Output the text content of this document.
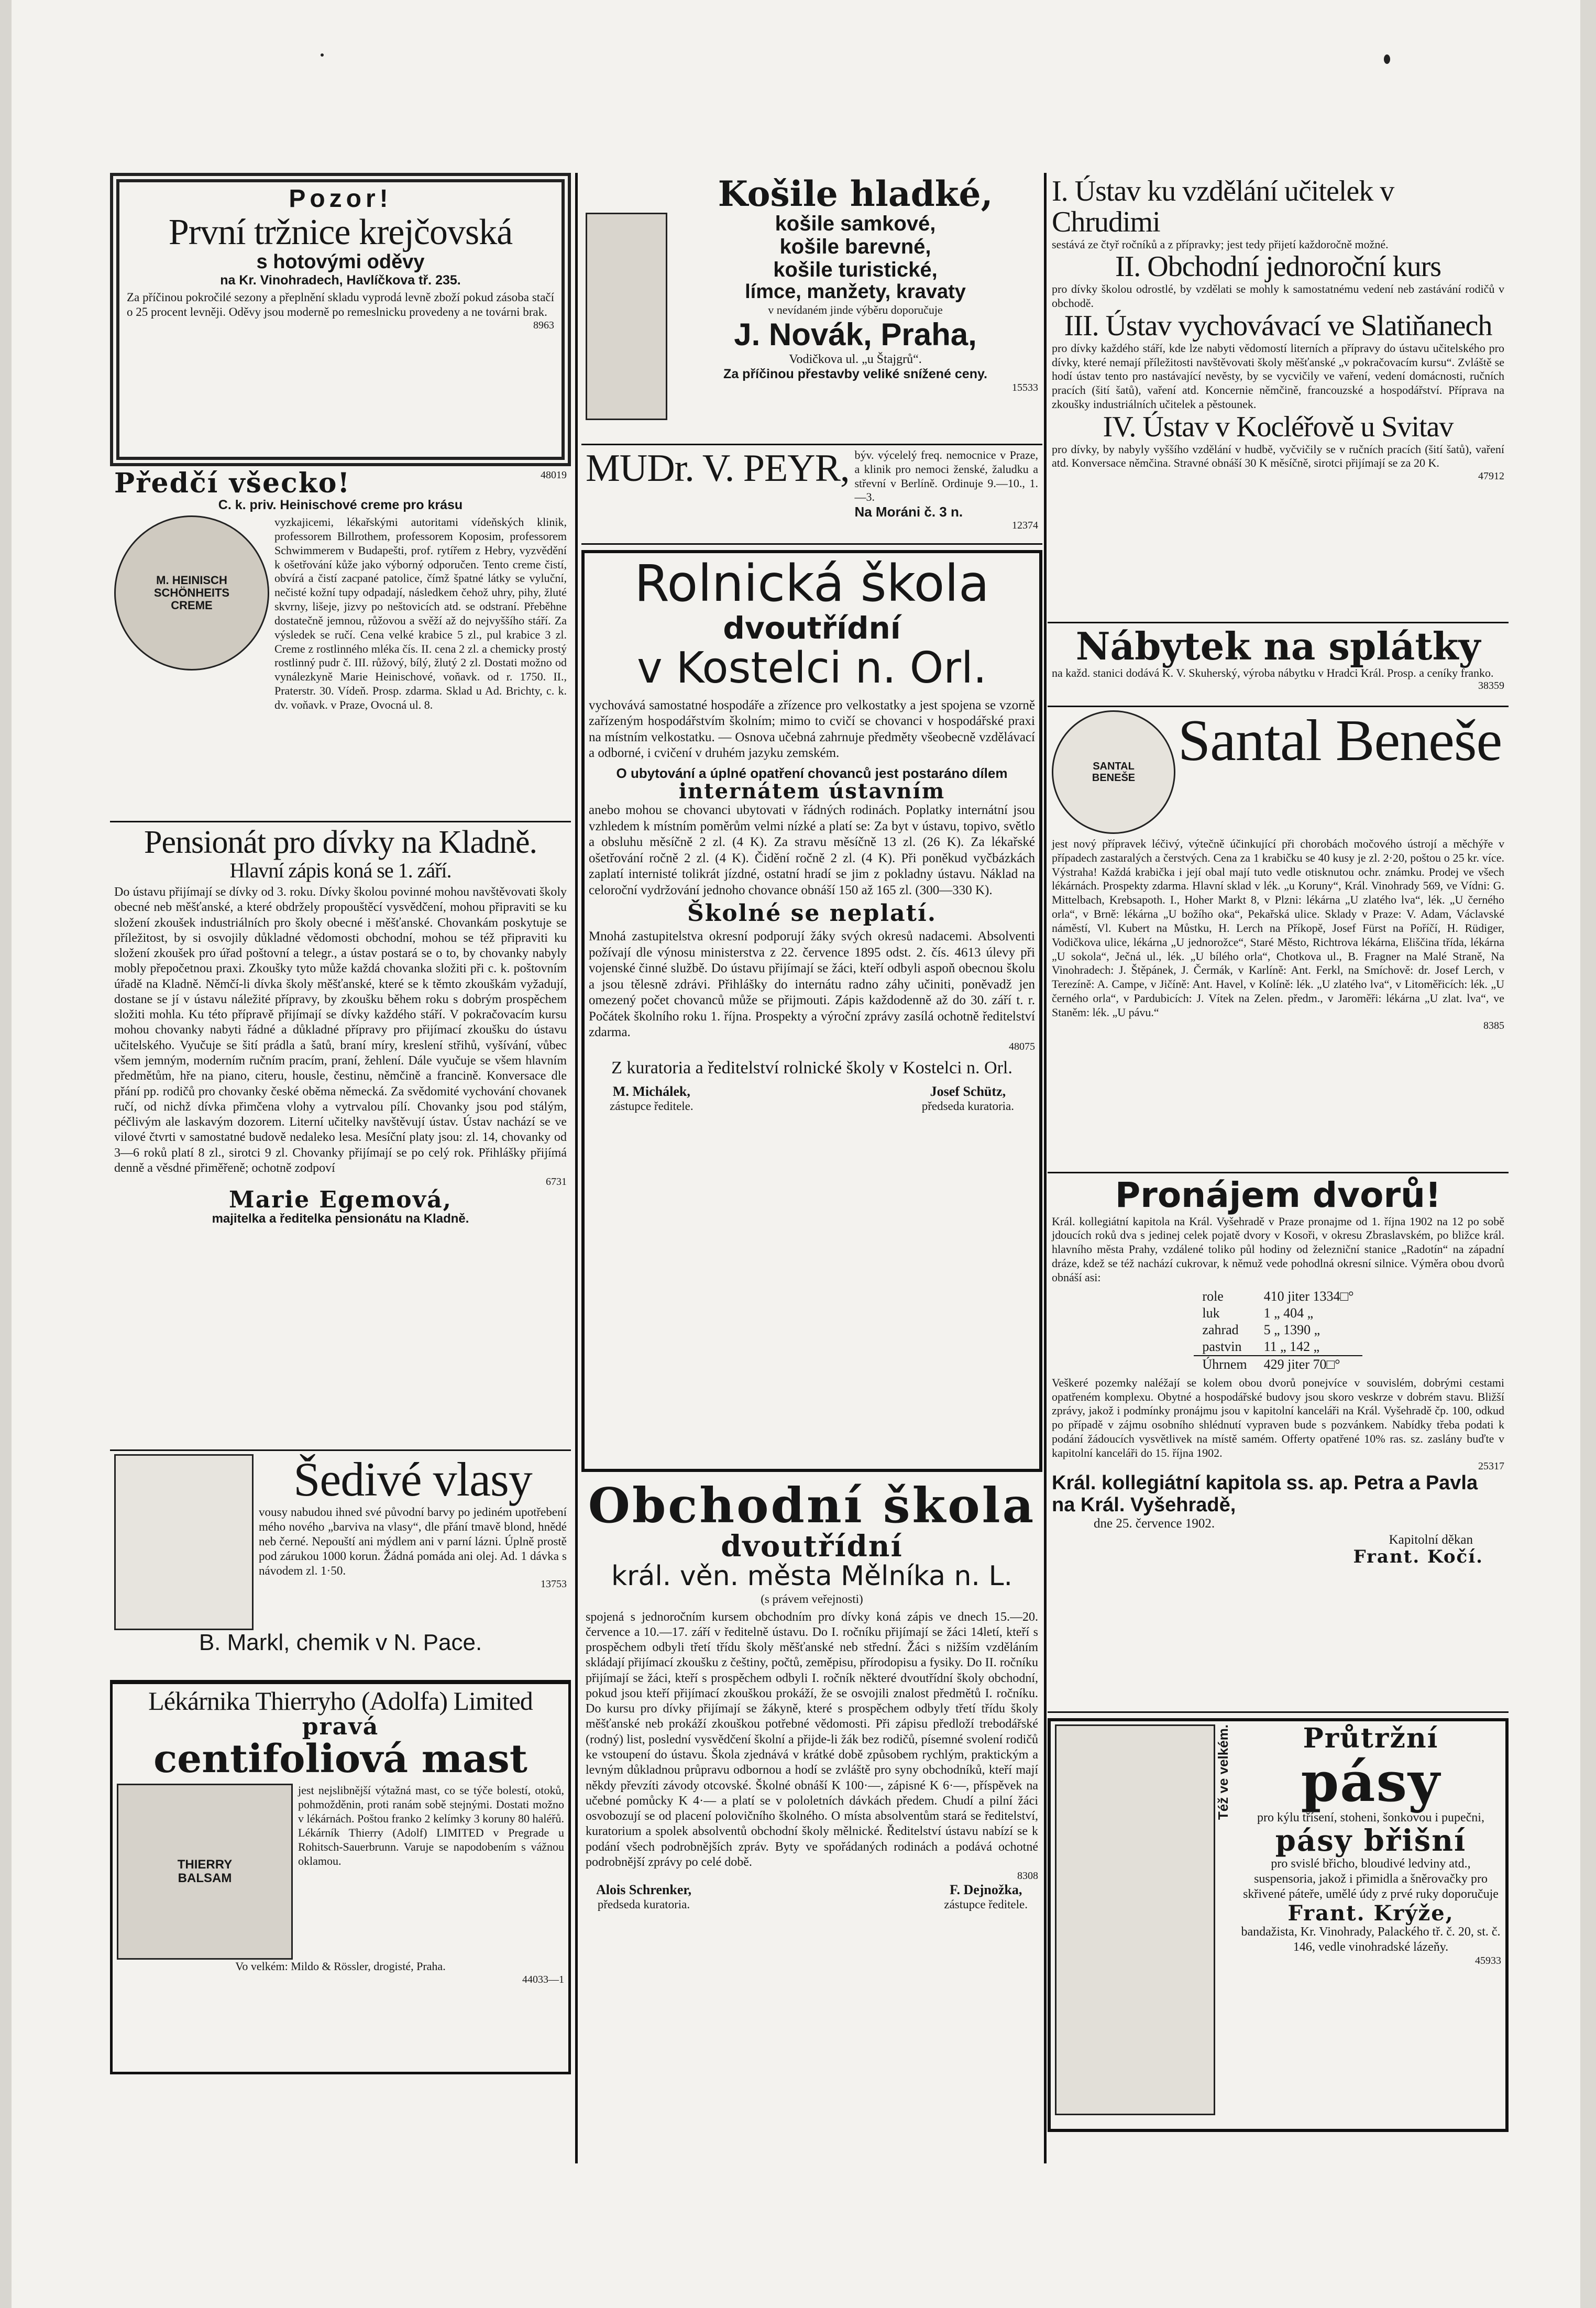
Pozor!
První tržnice krejčovská
s hotovými oděvy
na Kr. Vinohradech, Havlíčkova tř. 235.
Za příčinou pokročilé sezony a přeplnění skladu vyprodá levně zboží pokud zásoba stačí o 25 procent levněji. Oděvy jsou moderně po remeslnicku provedeny a ne továrni brak.
8963
Předčí všecko!	48019
C. k. priv. Heinischové creme pro krásu
M. HEINISCH SCHÖNHEITS CREME
vyzkajicemi, lékařskými autoritami vídeňských klinik, professorem Billrothem, professorem Koposim, professorem Schwimmerem v Budapešti, prof. rytířem z Hebry, vyzvědění k ošetřování kůže jako výborný odporučen. Tento creme čistí, obvírá a čistí zacpané patolice, čímž špatné látky se vyluční, nečisté kožní tupy odpadají, následkem čehož uhry, pihy, žluté skvrny, lišeje, jizvy po neštovicích atd. se odstraní. Přeběhne dostatečně jemnou, růžovou a svěží až do nejvyššího stáří. Za výsledek se ručí. Cena velké krabice 5 zl., pul krabice 3 zl. Creme z rostlinného mléka čís. II. cena 2 zl. a chemicky prostý rostlinný pudr č. III. růžový, bílý, žlutý 2 zl. Dostati možno od vynálezkyně Marie Heinischové, voňavk. od r. 1750. II., Praterstr. 30. Vídeň. Prosp. zdarma. Sklad u Ad. Brichty, c. k. dv. voňavk. v Praze, Ovocná ul. 8.
Pensionát pro dívky na Kladně.
Hlavní zápis koná se 1. září.
Do ústavu přijímají se dívky od 3. roku. Dívky školou povinné mohou navštěvovati školy obecné neb měšťanské, a které obdržely propouštěcí vysvědčení, mohou připraviti se ku složení zkoušek industriálních pro školy obecné i měšťanské. Chovankám poskytuje se příležitost, by si osvojily důkladné vědomosti obchodní, mohou se též připraviti ku složení zkoušek pro úřad poštovní a telegr., a ústav postará se o to, by chovanky nabyly mobly přepočetnou praxi. Zkoušky tyto může každá chovanka složiti při c. k. poštovním úřadě na Kladně. Němčí-li dívka školy měšťanské, které se k těmto zkouškám vyžadují, dostane se jí v ústavu náležité přípravy, by zkoušku během roku s dobrým prospěchem složiti mohla. Ku této přípravě přijímají se dívky každého stáří. V pokračovacím kursu mohou chovanky nabyti řádné a důkladné přípravy pro přijímací zkoušku do ústavu učitelského. Vyučuje se šití prádla a šatů, braní míry, kreslení střihů, vyšívání, vůbec všem jemným, moderním ručním pracím, praní, žehlení. Dále vyučuje se všem hlavním předmětům, hře na piano, citeru, housle, čestinu, němčině a francině. Konversace dle přání pp. rodičů pro chovanky české oběma německá. Za svědomité vychování chovanek ručí, od nichž dívka přimčena vlohy a vytrvalou pílí. Chovanky jsou pod stálým, péčlivým ale laskavým dozorem. Literní učitelky navštěvují ústav. Ústav nachází se ve vilové čtvrti v samostatné budově nedaleko lesa. Mesíční platy jsou: zl. 14, chovanky od 3—6 roků platí 8 zl., sirotci 9 zl. Chovanky přijímají se po celý rok. Přihlášky přijímá denně a věsdné přiměřeně; ochotně zodpoví
6731
Marie Egemová,
majitelka a ředitelka pensionátu na Kladně.
Šedivé vlasy
vousy nabudou ihned své původní barvy po jediném upotřebení mého nového „barviva na vlasy“, dle přání tmavě blond, hnědé neb černé. Nepouští ani mýdlem ani v parní lázni. Úplně prostě pod zárukou 1000 korun. Žádná pomáda ani olej. Ad. 1 dávka s návodem zl. 1·50.
13753
B. Markl, chemik v N. Pace.
Lékárnika Thierryho (Adolfa) Limited
pravá
centifoliová mast
THIERRY BALSAM
jest nejslibnější výtažná mast, co se týče bolestí, otoků, pohmožděnin, proti ranám sobě stejnými. Dostati možno v lékárnách. Poštou franko 2 kelímky 3 koruny 80 haléřů. Lékárník Thierry (Adolf) LIMITED v Pregrade u Rohitsch-Sauerbrunn. Varuje se napodobením s vážnou oklamou.
Vo velkém: Mildo & Rössler, drogisté, Praha.
44033—1
Košile hladké,
košile samkové,
košile barevné,
košile turistické,
límce, manžety, kravaty
v nevídaném jinde výběru doporučuje
J. Novák, Praha,
Vodičkova ul. „u Štajgrů“.
Za příčinou přestavby veliké snížené ceny.
15533
MUDr. V. PEYR, býv. výcelelý freq. nemocnice v Praze, a klinik pro nemoci ženské, žaludku a střevní v Berlíně. Ordinuje 9.—10., 1.—3.
Na Moráni č. 3 n.
12374
Rolnická škola
dvoutřídní
v Kostelci n. Orl.
vychovává samostatné hospodáře a zřízence pro velkostatky a jest spojena se vzorně zařízeným hospodářstvím školním; mimo to cvičí se chovanci v hospodářské praxi na místním velkostatku. — Osnova učebná zahrnuje předměty všeobecně vzdělávací a odborné, i cvičení v druhém jazyku zemském.
O ubytování a úplné opatření chovanců jest postaráno dílem
internátem ústavním
anebo mohou se chovanci ubytovati v řádných rodinách. Poplatky internátní jsou vzhledem k místním poměrům velmi nízké a platí se: Za byt v ústavu, topivo, světlo a obsluhu měsíčně 2 zl. (4 K). Za stravu měsíčně 13 zl. (26 K). Za lékařské ošetřování ročně 2 zl. (4 K). Čidění ročně 2 zl. (4 K). Při poněkud vyčbázkách zaplatí internisté tolikrát jízdné, ostatní hradí se jim z pokladny ústavu. Náklad na celoroční vydržování jednoho chovance obnáší 150 až 165 zl. (300—330 K).
Školné se neplatí.
Mnohá zastupitelstva okresní podporují žáky svých okresů nadacemi. Absolventi požívají dle výnosu ministerstva z 22. července 1895 odst. 2. čís. 4613 úlevy při vojenské činné službě. Do ústavu přijímají se žáci, kteří odbyli aspoň obecnou školu a jsou tělesně zdrávi. Přihlášky do internátu radno záhy učiniti, poněvadž jen omezený počet chovanců může se přijmouti. Zápis každodenně až do 30. září t. r. Počátek školního roku 1. října. Prospekty a výroční zprávy zasílá ochotně ředitelství zdarma.
48075
Z kuratoria a ředitelství rolnické školy v Kostelci n. Orl.
M. Michálek,
zástupce ředitele.
Josef Schütz,
předseda kuratoria.
Obchodní škola
dvoutřídní
král. věn. města Mělníka n. L.
(s právem veřejnosti)
spojená s jednoročním kursem obchodním pro dívky koná zápis ve dnech 15.—20. července a 10.—17. září v ředitelně ústavu. Do I. ročníku přijímají se žáci 14letí, kteří s prospěchem odbyli třetí třídu školy měšťanské neb střední. Žáci s nižším vzděláním skládají přijímací zkoušku z češtiny, počtů, zeměpisu, přírodopisu a fysiky. Do II. ročníku přijímají se žáci, kteří s prospěchem odbyli I. ročník některé dvoutřídní školy obchodní, pokud jsou kteří přijímací zkouškou prokáží, že se osvojili znalost předmětů I. ročníku. Do kursu pro dívky přijímají se žákyně, které s prospěchem odbyly třetí třídu školy měšťanské neb prokáží zkouškou potřebné vědomosti. Při zápisu předloží trebodářské (rodný) list, poslední vysvědčení školní a přijde-li žák bez rodičů, písemné svolení rodičů ke vstoupení do ústavu. Škola zjednává v krátké době způsobem rychlým, praktickým a levným důkladnou průpravu odbornou a hodí se zvláště pro syny obchodníků, kteří mají někdy převzíti závody otcovské. Školné obnáší K 100·—, zápisné K 6·—, příspěvek na učebné pomůcky K 4·— a platí se v pololetních dávkách předem. Chudí a pilní žáci osvobozují se od placení polovičního školného. O místa absolventům stará se ředitelství, kuratorium a spolek absolventů obchodní školy mělnické. Ředitelství ústavu nabízí se k podání všech podrobnějších zpráv. Byty ve spořádaných rodinách a podává ochotné podrobnější zprávy po celé době.
8308
Alois Schrenker,
předseda kuratoria.
F. Dejnožka,
zástupce ředitele.
I. Ústav ku vzdělání učitelek v Chrudimi
sestává ze čtyř ročníků a z přípravky; jest tedy přijetí každoročně možné.
II. Obchodní jednoroční kurs
pro dívky školou odrostlé, by vzdělati se mohly k samostatnému vedení neb zastávání rodičů v obchodě.
III. Ústav vychovávací ve Slatiňanech
pro dívky každého stáří, kde lze nabyti vědomostí literních a přípravy do ústavu učitelského pro dívky, které nemají příležitosti navštěvovati školy měšťanské „v pokračovacím kursu“. Zvláště se hodí ústav tento pro nastávající nevěsty, by se vycvičily ve vaření, vedení domácnosti, ručních pracích (šití šatů), vaření atd. Koncernie němčině, francouzské a hospodářství. Příprava na zkoušky industriálních učitelek a pěstounek.
IV. Ústav v Kocléřově u Svitav
pro dívky, by nabyly vyššího vzdělání v hudbě, vyčvičily se v ručních pracích (šití šatů), vaření atd. Konversace němčina. Stravné obnáší 30 K měsíčně, sirotci přijímají se za 20 K.
47912
Nábytek na splátky
na každ. stanici dodává K. V. Skuherský, výroba nábytku v Hradci Král. Prosp. a ceníky franko.
38359
SANTAL BENEŠE
Santal Beneše
jest nový přípravek léčivý, výtečně účinkující při chorobách močového ústrojí a měchýře v případech zastaralých a čerstvých. Cena za 1 krabičku se 40 kusy je zl. 2·20, poštou o 25 kr. více. Výstraha! Každá krabička i její obal mají tuto vedle otisknutou ochr. známku. Prodej ve všech lékárnách. Prospekty zdarma. Hlavní sklad v lék. „u Koruny“, Král. Vinohrady 569, ve Vídni: G. Mittelbach, Krebsapoth. I., Hoher Markt 8, v Plzni: lékárna „U zlatého lva“, lék. „U černého orla“, v Brně: lékárna „U božího oka“, Pekařská ulice. Sklady v Praze: V. Adam, Václavské náměstí, Vl. Kubert na Můstku, H. Lerch na Příkopě, Josef Fürst na Poříčí, H. Rüdiger, Vodičkova ulice, lékárna „U jednorožce“, Staré Město, Richtrova lékárna, Eliščina třída, lékárna „U sokola“, Ječná ul., lék. „U bílého orla“, Chotkova ul., B. Fragner na Malé Straně, Na Vinohradech: J. Štěpánek, J. Čermák, v Karlíně: Ant. Ferkl, na Smíchově: dr. Josef Lerch, v Terezíně: A. Campe, v Jičíně: Ant. Havel, v Kolíně: lék. „U zlatého lva“, v Litoměřicích: lék. „U černého orla“, v Pardubicích: J. Vítek na Zelen. předm., v Jaroměři: lékárna „U zlat. lva“, ve Staněm: lék. „U pávu.“
8385
Pronájem dvorů!
Král. kollegiátní kapitola na Král. Vyšehradě v Praze pronajme od 1. října 1902 na 12 po sobě jdoucích roků dva s jedinej celek pojatě dvory v Kosoři, v okresu Zbraslavském, po bližce král. hlavního města Prahy, vzdálené toliko půl hodiny od železniční stanice „Radotín“ na západní dráze, kdež se též nachází cukrovar, k němuž vede pohodlná okresní silnice. Výměra obou dvorů obnáší asi:
role	410 jiter 1334□°
luk	1 „ 404 „
zahrad	5 „ 1390 „
pastvin	11 „ 142 „
Úhrnem	429 jiter 70□°
Veškeré pozemky naléžají se kolem obou dvorů ponejvíce v souvislém, dobrými cestami opatřeném komplexu. Obytné a hospodářské budovy jsou skoro veskrze v dobrém stavu. Bližší zprávy, jakož i podmínky pronájmu jsou v kapitolní kanceláři na Král. Vyšehradě čp. 100, odkud po případě v zájmu osobního shlédnutí vypraven bude s pozvánkem. Nabídky třeba podati k podání žádoucích vysvětlivek na místě samém. Offerty opatřené 10% ras. sz. zaslány buďte v kapitolní kanceláři do 15. října 1902.
25317
Král. kollegiátní kapitola ss. ap. Petra a Pavla na Král. Vyšehradě,
dne 25. července 1902.
Kapitolní děkan
Frant. Kočí.
Též ve velkém.	Průtržní
pásy
pro kýlu třísení, stoheni, šonkovou i pupečni,
pásy břišní
pro svislé břicho, bloudivé ledviny atd., suspensoria, jakož i přimidla a šněrovačky pro skřivené páteře, umělé údy z prvé ruky doporučuje
Frant. Krýže,
bandažista, Kr. Vinohrady, Palackého tř. č. 20, st. č. 146, vedle vinohradské lázeňy.
45933
